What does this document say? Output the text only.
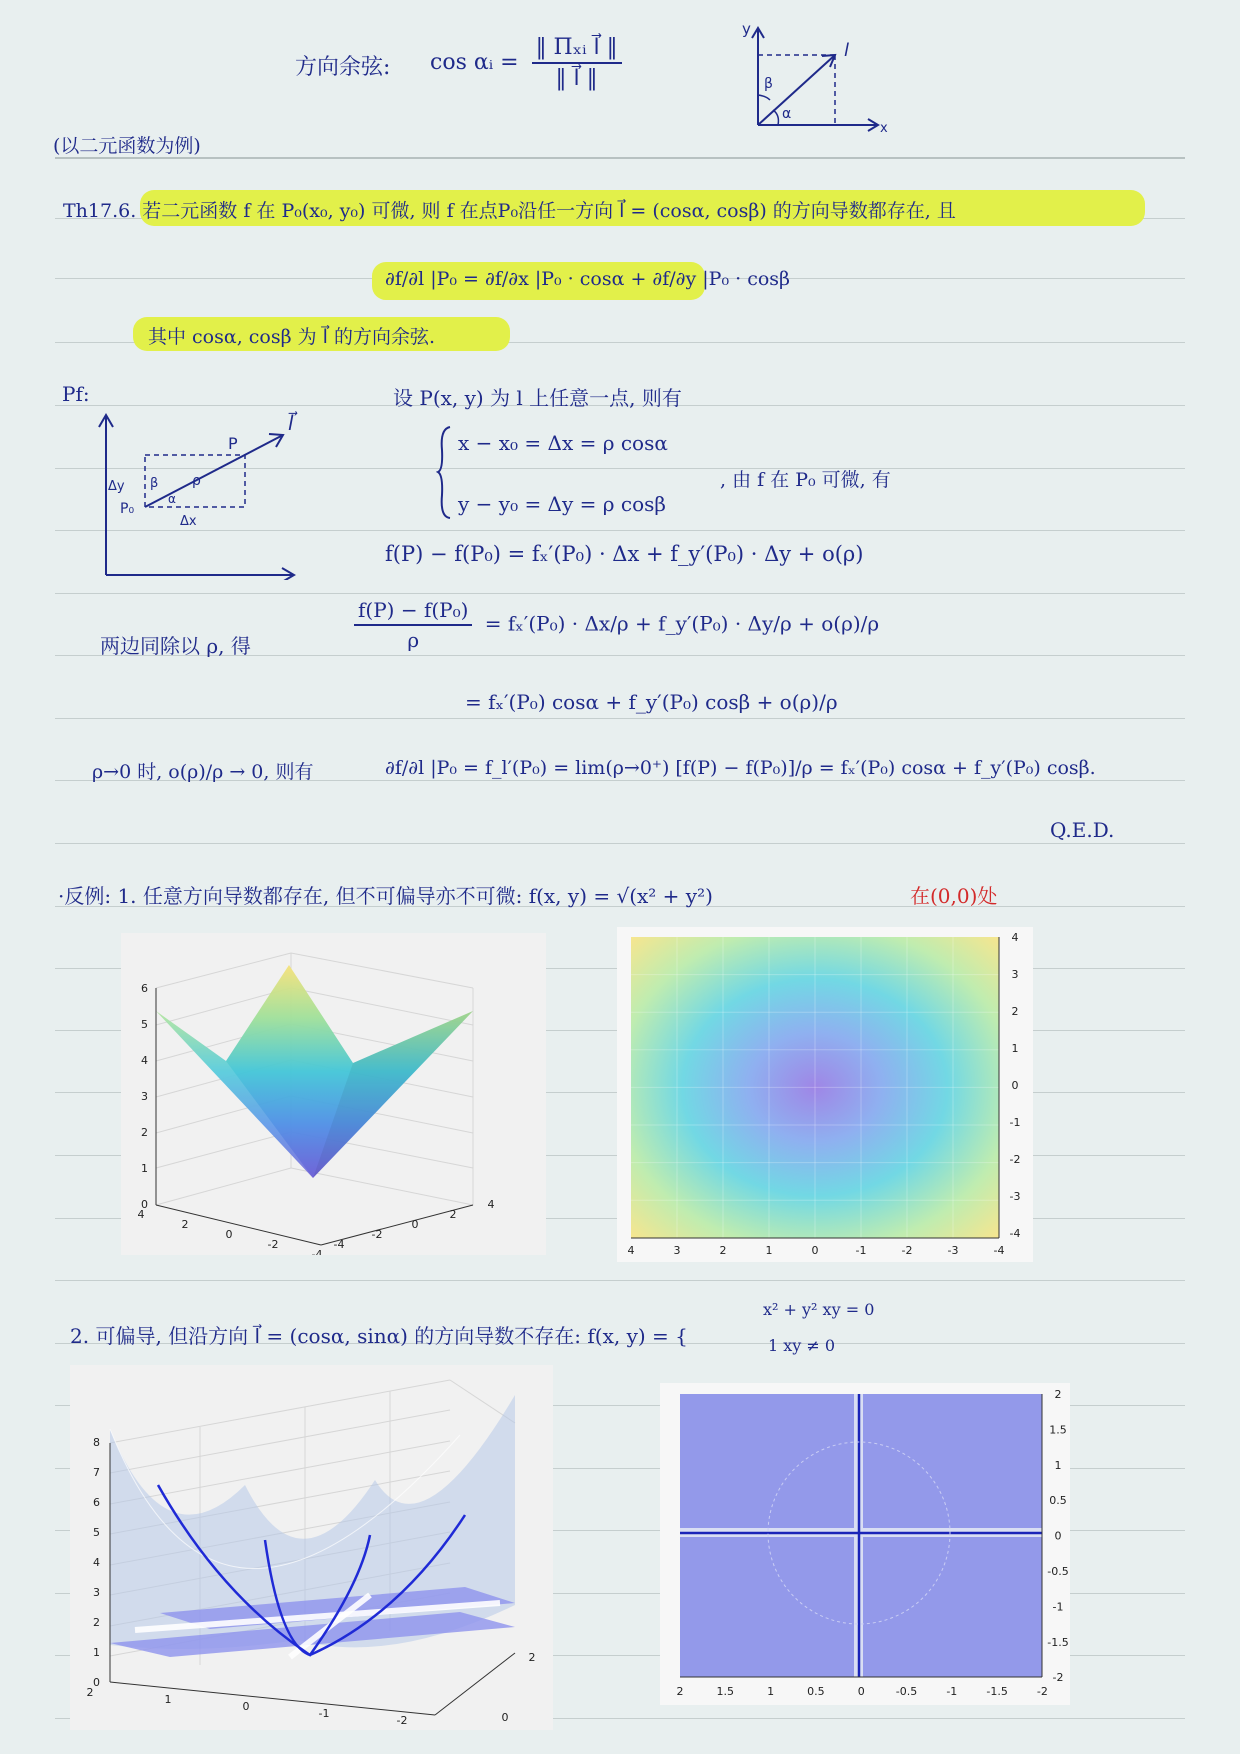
方向余弦: cos αᵢ = $\frac{\text{‖ Πₓᵢ l⃗ ‖}}{‖ l⃗ ‖}$
y
l
β
α
x
(以二元函数为例)
Th17.6. 若二元函数 f 在 P₀(x₀, y₀) 可微, 则 f 在点P₀沿任一方向 l⃗ = (cosα, cosβ) 的方向导数都存在, 且
∂f/∂l |P₀ = ∂f/∂x |P₀ · cosα + ∂f/∂y |P₀ · cosβ
其中 cosα, cosβ 为 l⃗ 的方向余弦.
Pf:	设 P(x, y) 为 l 上任意一点, 则有
P
l⃗
Δy
P₀
β
α
ρ
Δx
x − x₀ = Δx = ρ cosα
y − y₀ = Δy = ρ cosβ
, 由 f 在 P₀ 可微, 有
f(P) − f(P₀) = fₓ′(P₀) · Δx + f_y′(P₀) · Δy + o(ρ)
两边同除以 ρ, 得	$\frac{\text{f(P) − f(P₀)}}{\rho} = f_x'(P_0) \cdot \Delta x/\rho$ + f_y′(P₀) · Δy/ρ + o(ρ)/ρ
= fₓ′(P₀) cosα + f_y′(P₀) cosβ + o(ρ)/ρ
ρ→0 时, o(ρ)/ρ → 0, 则有	∂f/∂l |P₀ = f_l′(P₀) = lim(ρ→0⁺) [f(P) − f(P₀)]/ρ = fₓ′(P₀) cosα + f_y′(P₀) cosβ.
Q.E.D.
·反例: 1. 任意方向导数都存在, 但不可偏导亦不可微: f(x, y) = √(x² + y²)	在(0,0)处
0
1
2
3
4
5
6
4
2
0
-2
-4
-4
-2
0
2
4
4
3
2
1
0
-1
-2
-3
-4
4	3	2	1	0	-1	-2	-3	-4
2. 可偏导, 但沿方向 l⃗ = (cosα, sinα) 的方向导数不存在: f(x, y) = {
x² + y² xy = 0
1 xy ≠ 0
0
1
2
3
4
5
6
7
8
2
1
0
-1
-2
2
0
2
1.5
1
0.5
0
-0.5
-1
-1.5
-2
2	1.5	1	0.5	0	-0.5	-1	-1.5	-2
